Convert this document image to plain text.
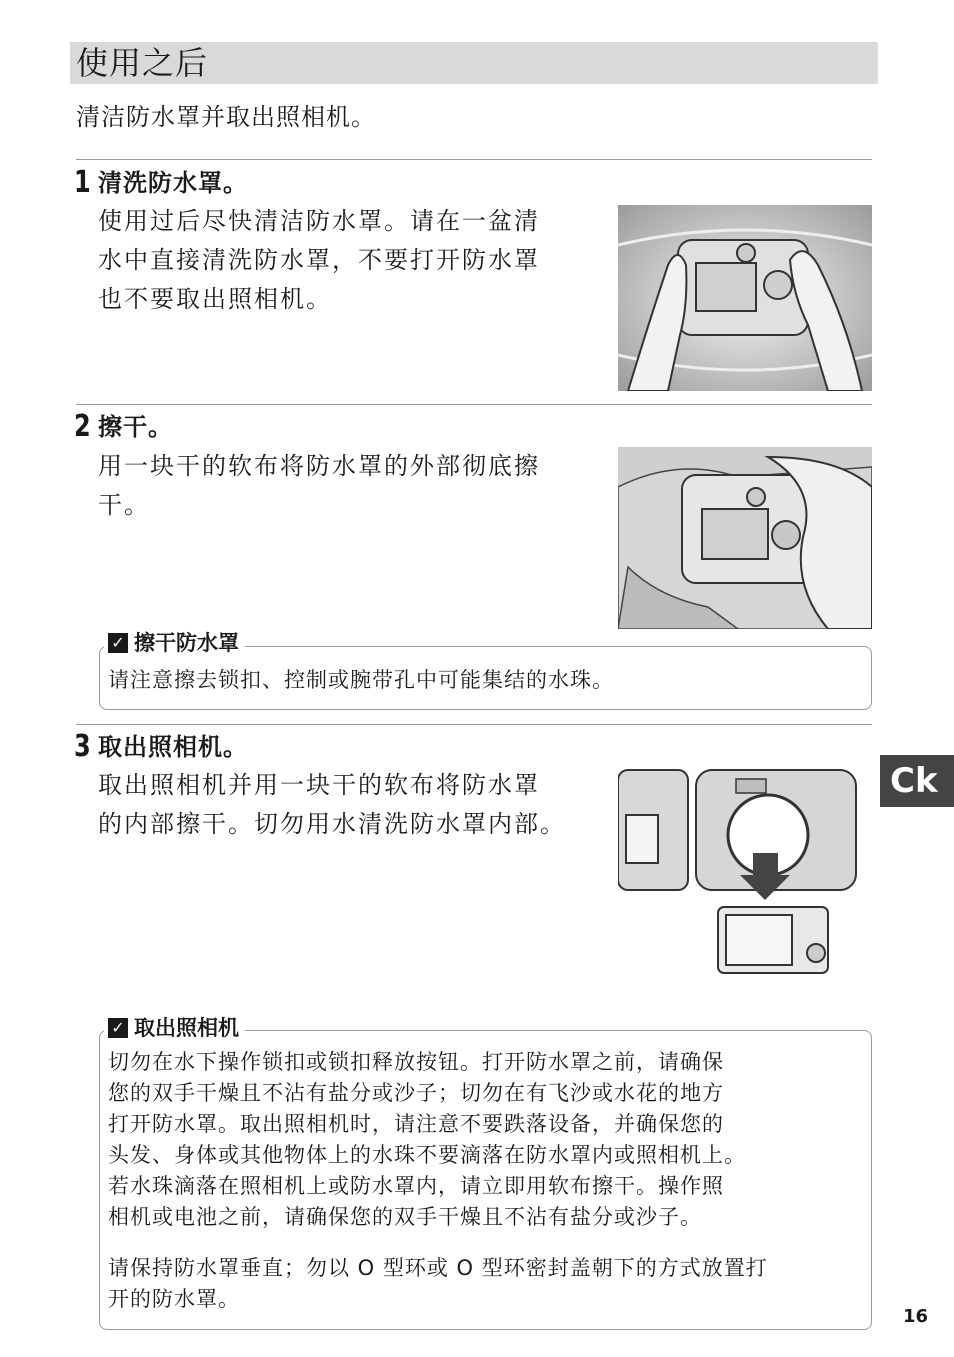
使用之后
清洁防水罩并取出照相机。
1 清洗防水罩。
使用过后尽快清洁防水罩。请在一盆清
水中直接清洗防水罩，不要打开防水罩
也不要取出照相机。
2 擦干。
用一块干的软布将防水罩的外部彻底擦
干。
请注意擦去锁扣、控制或腕带孔中可能集结的水珠。
✓ 擦干防水罩
3 取出照相机。
取出照相机并用一块干的软布将防水罩
的内部擦干。切勿用水清洗防水罩内部。
Ck
切勿在水下操作锁扣或锁扣释放按钮。打开防水罩之前，请确保
您的双手干燥且不沾有盐分或沙子；切勿在有飞沙或水花的地方
打开防水罩。取出照相机时，请注意不要跌落设备，并确保您的
头发、身体或其他物体上的水珠不要滴落在防水罩内或照相机上。
若水珠滴落在照相机上或防水罩内，请立即用软布擦干。操作照
相机或电池之前，请确保您的双手干燥且不沾有盐分或沙子。
请保持防水罩垂直；勿以 O 型环或 O 型环密封盖朝下的方式放置打
开的防水罩。
✓ 取出照相机
16
